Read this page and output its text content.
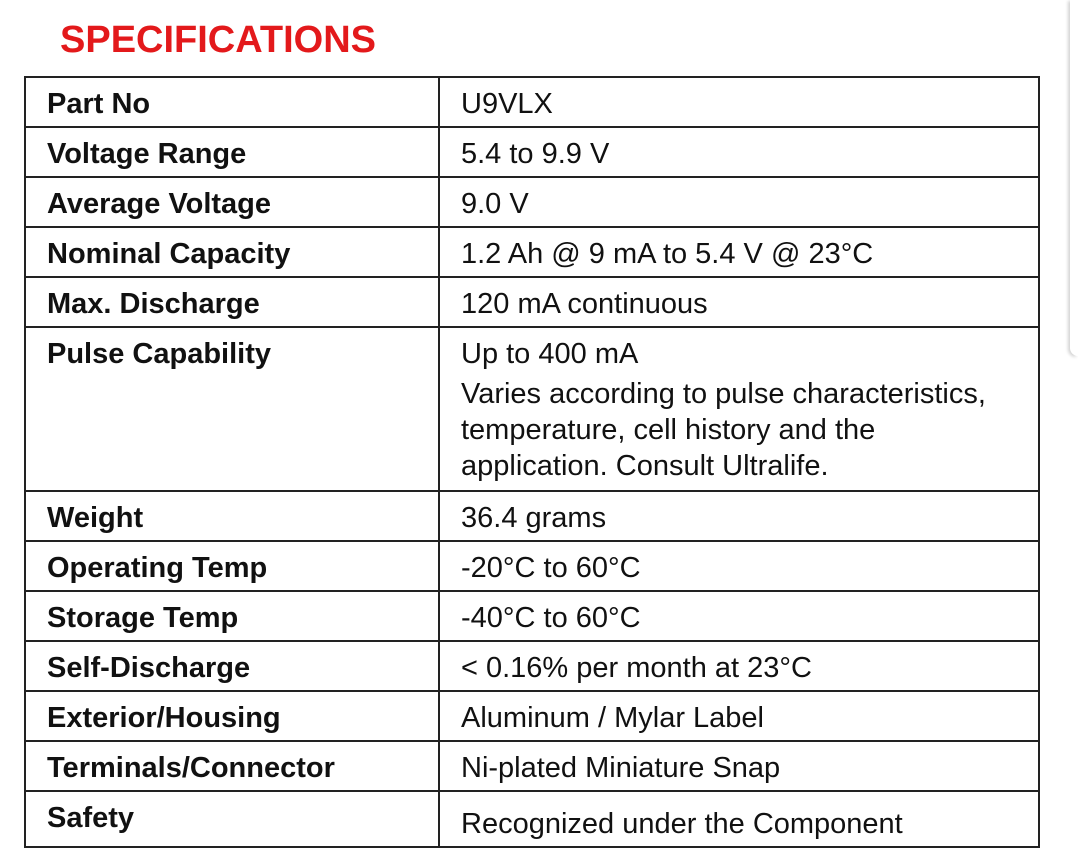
SPECIFICATIONS
Part No	U9VLX

Voltage Range	5.4 to 9.9 V

Average Voltage	9.0 V

Nominal Capacity	1.2 Ah @ 9 mA to 5.4 V @ 23°C

Max. Discharge	120 mA continuous

Pulse Capability	Up to 400 mA
Varies according to pulse characteristics, temperature, cell history and the application. Consult Ultralife.

Weight	36.4 grams

Operating Temp	-20°C to 60°C

Storage Temp	-40°C to 60°C

Self-Discharge	< 0.16% per month at 23°C

Exterior/Housing	Aluminum / Mylar Label

Terminals/Connector	Ni-plated Miniature Snap

Safety	Recognized under the Component
